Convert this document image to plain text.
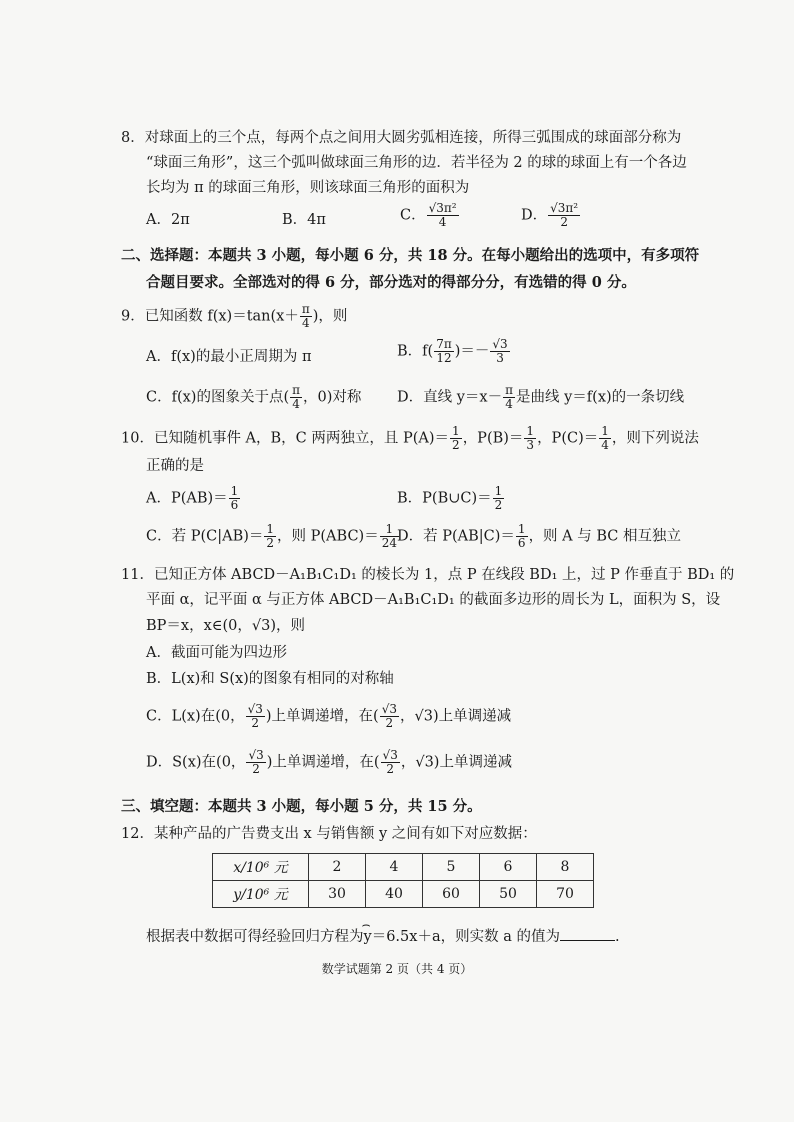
8．对球面上的三个点，每两个点之间用大圆劣弧相连接，所得三弧围成的球面部分称为
“球面三角形”，这三个弧叫做球面三角形的边．若半径为 2 的球的球面上有一个各边
长均为 π 的球面三角形，则该球面三角形的面积为
A．2π	B．4π	C． $\frac{\text{√3π²}}{4}$	D． $\frac{\text{√3π²}}{2}$
二、选择题：本题共 3 小题，每小题 6 分，共 18 分。在每小题给出的选项中，有多项符
合题目要求。全部选对的得 6 分，部分选对的得部分分，有选错的得 0 分。
9．已知函数 $f(x)=\tan(x+ \frac{\pi}{4}$ )，则
A．f(x)的最小正周期为 π	B．$f( \frac{7\pi}{12}$ )＝－ $\frac{√3}{3}$
C．f(x)的图象关于点( $\frac{\pi}{4}$ ，0)对称 D．直线 $y=x- \frac{\pi}{4}$ 是曲线 y＝f(x)的一条切线
10．已知随机事件 A，B，C 两两独立，且 $P(A)= \frac{1}{2}$ ，$P(B)= \frac{1}{3}$ ，$P(C)= \frac{1}{4}$ ，则下列说法
正确的是
A．$P(AB)= \frac{1}{6}$	B．P(B∪C)＝ $\frac{1}{2}$
C．若 $P(C|AB)= \frac{1}{2}$ ，则 $P(ABC)= \frac{1}{24}$
D．若 $P(AB|C)= \frac{1}{6}$ ，则 A 与 BC 相互独立
11．已知正方体 ABCD－A₁B₁C₁D₁ 的棱长为 1，点 P 在线段 BD₁ 上，过 P 作垂直于 BD₁ 的
平面 α，记平面 α 与正方体 ABCD－A₁B₁C₁D₁ 的截面多边形的周长为 L，面积为 S，设
BP＝x，x∈(0，√3)，则
A．截面可能为四边形
B．L(x)和 S(x)的图象有相同的对称轴
C．L(x)在(0， $\frac{√3}{2}$ )上单调递增，在( $\frac{√3}{2}$ ，√3)上单调递减
D．S(x)在(0， $\frac{√3}{2}$ )上单调递增，在( $\frac{√3}{2}$ ，√3)上单调递减
三、填空题：本题共 3 小题，每小题 5 分，共 15 分。
12．某种产品的广告费支出 x 与销售额 y 之间有如下对应数据：
x/10⁶ 元	2	4	5	6	8
y/10⁶ 元	30	40	60	50	70
根据表中数据可得经验回归方程为⌢ y＝6.5x＋a，则实数 a 的值为	.
数学试题第 2 页（共 4 页）
